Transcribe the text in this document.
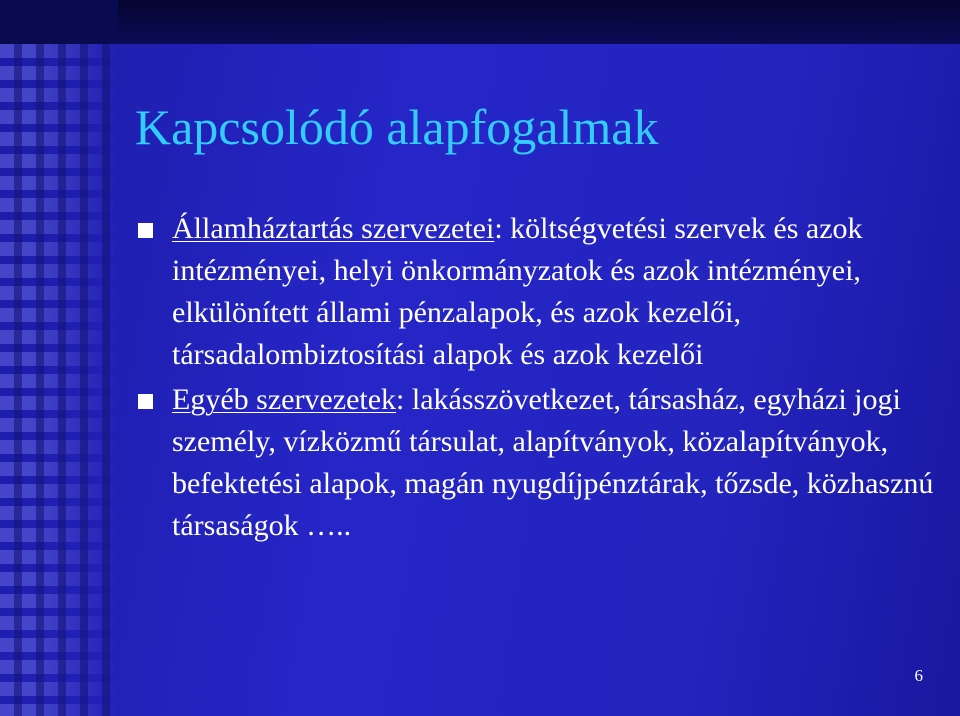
Kapcsolódó alapfogalmak

Államháztartás szervezetei: költségvetési szervek és azok intézményei, helyi önkormányzatok és azok intézményei, elkülönített állami pénzalapok, és azok kezelői, társadalombiztosítási alapok és azok kezelői

Egyéb szervezetek: lakásszövetkezet, társasház, egyházi jogi személy, vízközmű társulat, alapítványok, közalapítványok, befektetési alapok, magán nyugdíjpénztárak, tőzsde, közhasznú társaságok …..

6
